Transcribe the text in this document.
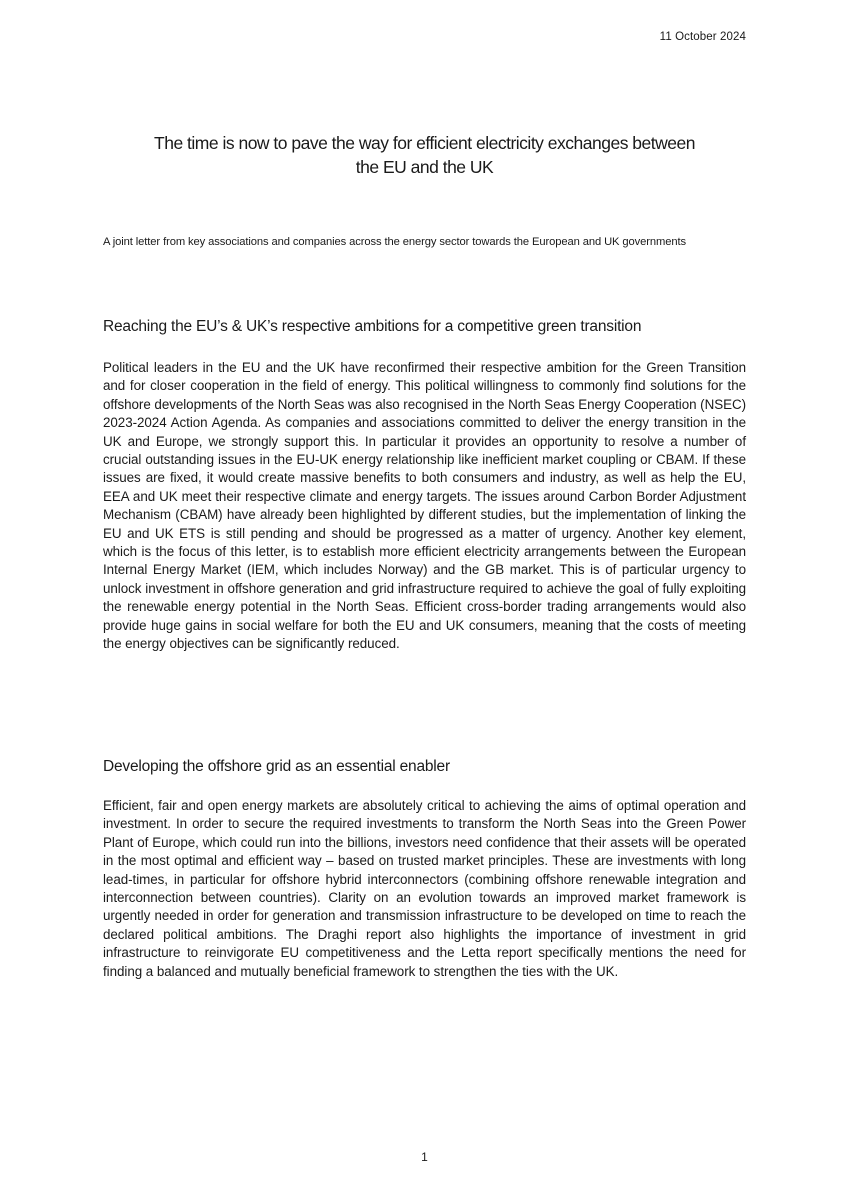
11 October 2024
The time is now to pave the way for efficient electricity exchanges between
the EU and the UK
A joint letter from key associations and companies across the energy sector towards the European and UK governments
Reaching the EU’s & UK’s respective ambitions for a competitive green transition

Political leaders in the EU and the UK have reconfirmed their respective ambition for the Green Transition and for closer cooperation in the field of energy. This political willingness to commonly find solutions for the offshore developments of the North Seas was also recognised in the North Seas Energy Cooperation (NSEC) 2023-2024 Action Agenda. As companies and associations committed to deliver the energy transition in the UK and Europe, we strongly support this. In particular it provides an opportunity to resolve a number of crucial outstanding issues in the EU-UK energy relationship like inefficient market coupling or CBAM. If these issues are fixed, it would create massive benefits to both consumers and industry, as well as help the EU, EEA and UK meet their respective climate and energy targets. The issues around Carbon Border Adjustment Mechanism (CBAM) have already been highlighted by different studies, but the implementation of linking the EU and UK ETS is still pending and should be progressed as a matter of urgency. Another key element, which is the focus of this letter, is to establish more efficient electricity arrangements between the European Internal Energy Market (IEM, which includes Norway) and the GB market. This is of particular urgency to unlock investment in offshore generation and grid infrastructure required to achieve the goal of fully exploiting the renewable energy potential in the North Seas. Efficient cross-border trading arrangements would also provide huge gains in social welfare for both the EU and UK consumers, meaning that the costs of meeting the energy objectives can be significantly reduced.

Developing the offshore grid as an essential enabler

Efficient, fair and open energy markets are absolutely critical to achieving the aims of optimal operation and investment. In order to secure the required investments to transform the North Seas into the Green Power Plant of Europe, which could run into the billions, investors need confidence that their assets will be operated in the most optimal and efficient way – based on trusted market principles. These are investments with long lead-times, in particular for offshore hybrid interconnectors (combining offshore renewable integration and interconnection between countries). Clarity on an evolution towards an improved market framework is urgently needed in order for generation and transmission infrastructure to be developed on time to reach the declared political ambitions. The Draghi report also highlights the importance of investment in grid infrastructure to reinvigorate EU competitiveness and the Letta report specifically mentions the need for finding a balanced and mutually beneficial framework to strengthen the ties with the UK.

1
